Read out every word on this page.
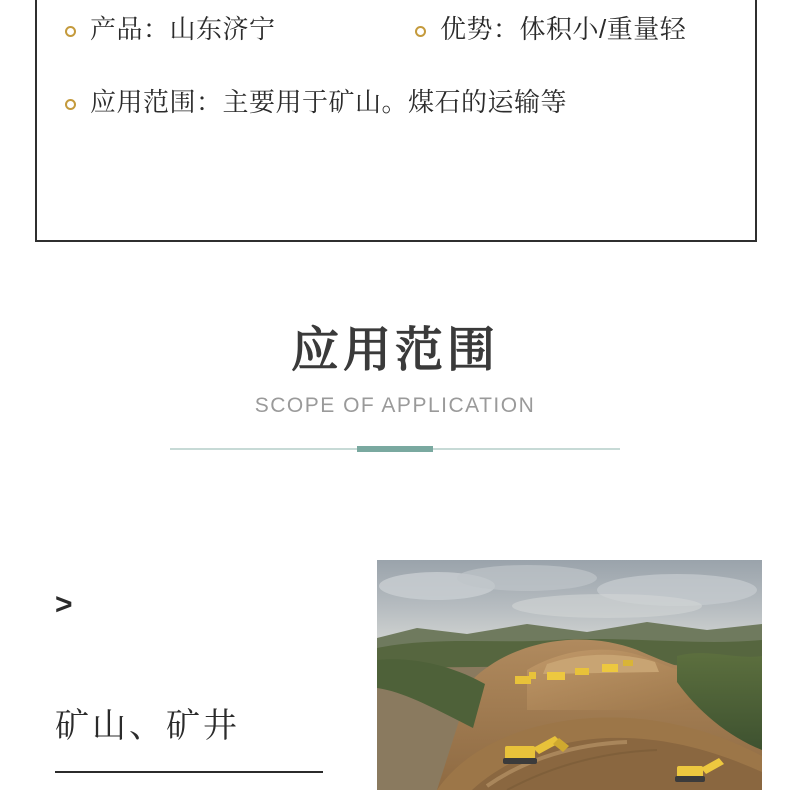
产品：山东济宁	优势：体积小/重量轻
应用范围：主要用于矿山。煤石的运输等
应用范围
SCOPE OF APPLICATION
>
矿山、矿井
